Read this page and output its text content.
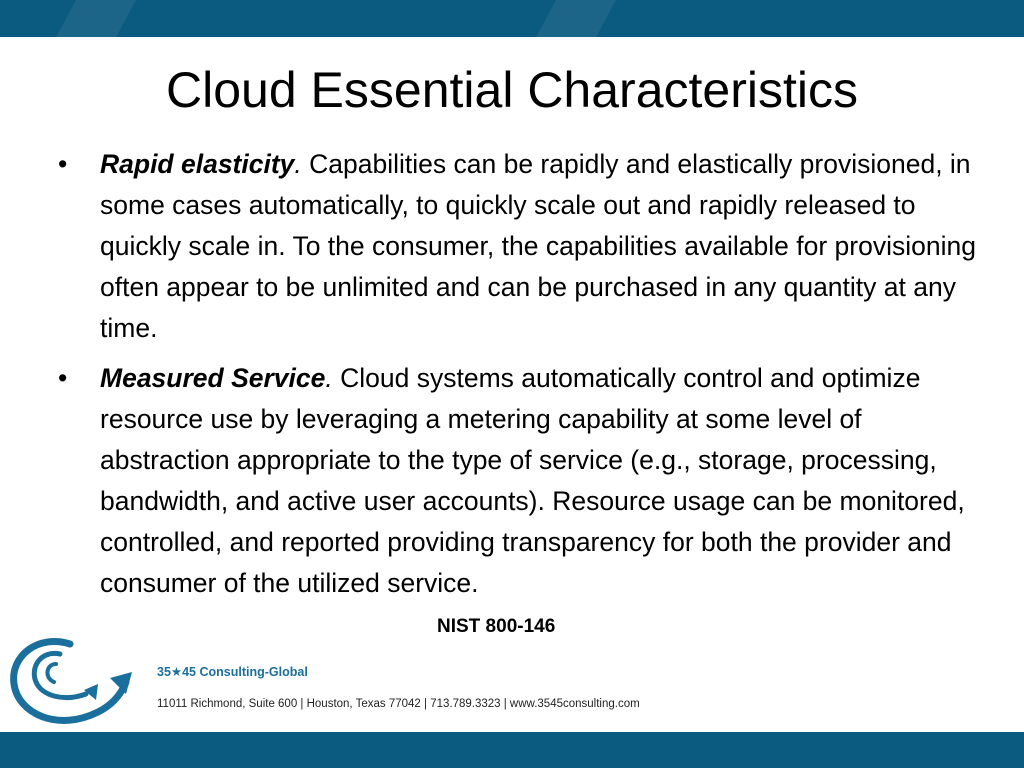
Cloud Essential Characteristics
• Rapid elasticity. Capabilities can be rapidly and elastically provisioned, in some cases automatically, to quickly scale out and rapidly released to quickly scale in. To the consumer, the capabilities available for provisioning often appear to be unlimited and can be purchased in any quantity at any time.
• Measured Service. Cloud systems automatically control and optimize resource use by leveraging a metering capability at some level of abstraction appropriate to the type of service (e.g., storage, processing, bandwidth, and active user accounts). Resource usage can be monitored, controlled, and reported providing transparency for both the provider and consumer of the utilized service.
NIST 800-146
35★45 Consulting-Global
11011 Richmond, Suite 600 | Houston, Texas 77042 | 713.789.3323 | www.3545consulting.com
